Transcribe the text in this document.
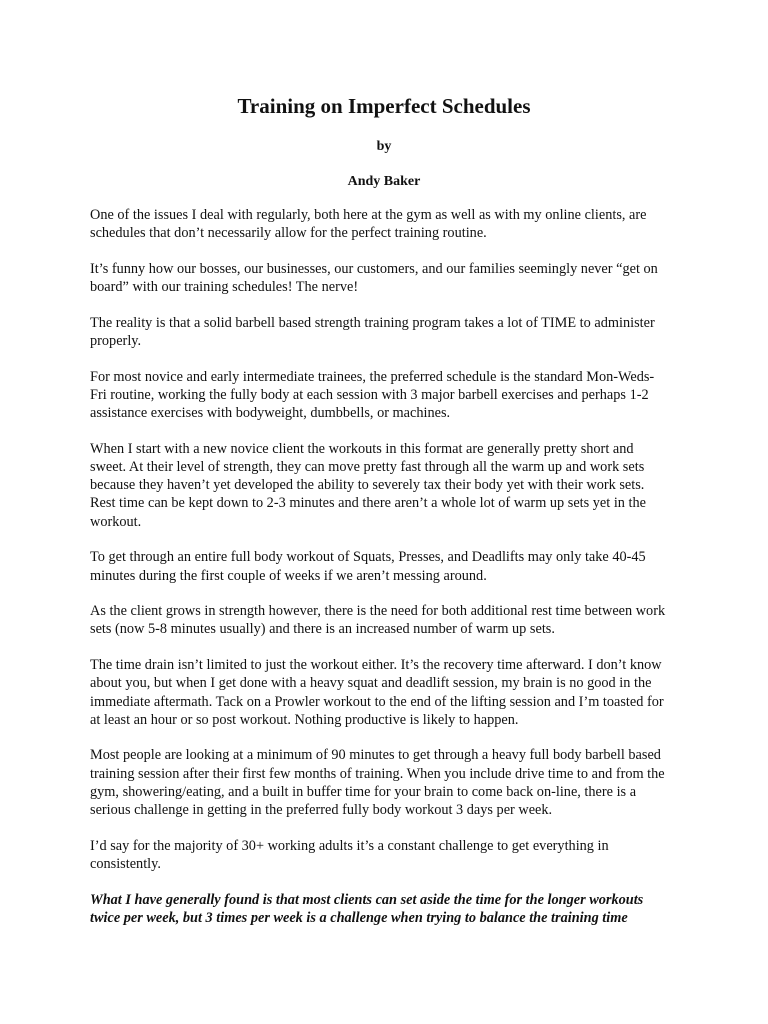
Training on Imperfect Schedules
by
Andy Baker

One of the issues I deal with regularly, both here at the gym as well as with my online clients, are schedules that don’t necessarily allow for the perfect training routine.

It’s funny how our bosses, our businesses, our customers, and our families seemingly never “get on board” with our training schedules! The nerve!

The reality is that a solid barbell based strength training program takes a lot of TIME to administer properly.

For most novice and early intermediate trainees, the preferred schedule is the standard Mon-Weds-Fri routine, working the fully body at each session with 3 major barbell exercises and perhaps 1-2 assistance exercises with bodyweight, dumbbells, or machines.

When I start with a new novice client the workouts in this format are generally pretty short and sweet. At their level of strength, they can move pretty fast through all the warm up and work sets because they haven’t yet developed the ability to severely tax their body yet with their work sets. Rest time can be kept down to 2-3 minutes and there aren’t a whole lot of warm up sets yet in the workout.

To get through an entire full body workout of Squats, Presses, and Deadlifts may only take 40-45 minutes during the first couple of weeks if we aren’t messing around.

As the client grows in strength however, there is the need for both additional rest time between work sets (now 5-8 minutes usually) and there is an increased number of warm up sets.

The time drain isn’t limited to just the workout either. It’s the recovery time afterward. I don’t know about you, but when I get done with a heavy squat and deadlift session, my brain is no good in the immediate aftermath. Tack on a Prowler workout to the end of the lifting session and I’m toasted for at least an hour or so post workout. Nothing productive is likely to happen.

Most people are looking at a minimum of 90 minutes to get through a heavy full body barbell based training session after their first few months of training. When you include drive time to and from the gym, showering/eating, and a built in buffer time for your brain to come back on-line, there is a serious challenge in getting in the preferred fully body workout 3 days per week.

I’d say for the majority of 30+ working adults it’s a constant challenge to get everything in consistently.

What I have generally found is that most clients can set aside the time for the longer workouts twice per week, but 3 times per week is a challenge when trying to balance the training time
